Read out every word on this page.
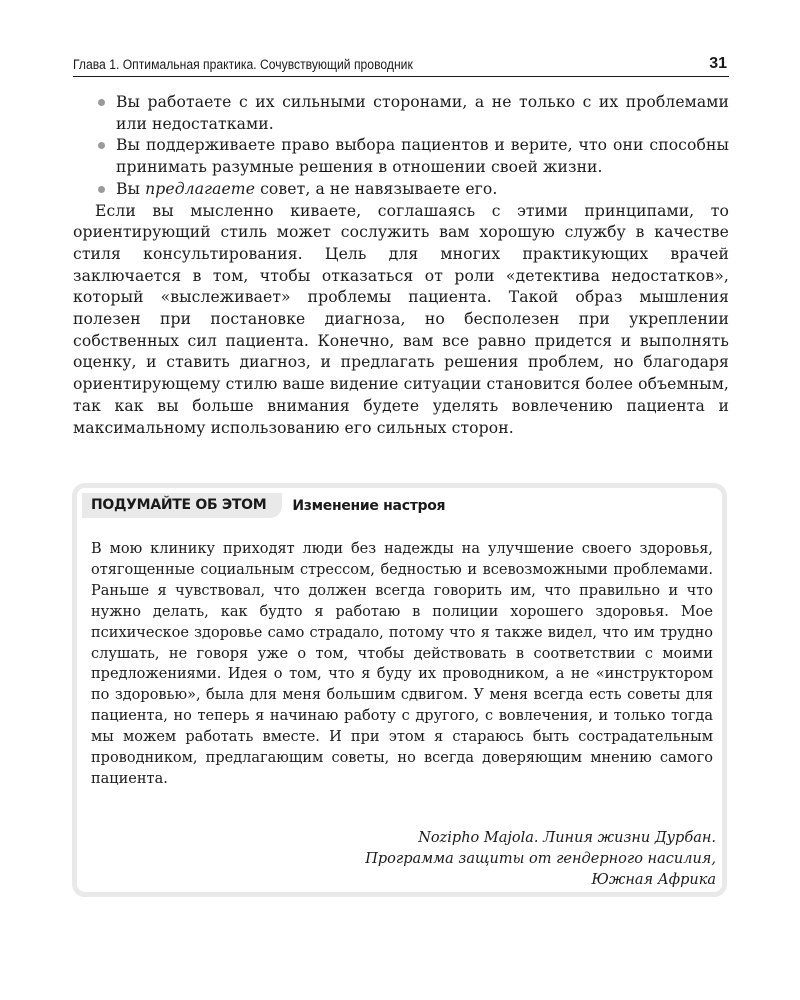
Глава 1. Оптимальная практика. Сочувствующий проводник	31
Вы работаете с их сильными сторонами, а не только с их проблемами или недостатками.
Вы поддерживаете право выбора пациентов и верите, что они способны принимать разумные решения в отношении своей жизни.
Вы предлагаете совет, а не навязываете его.

Если вы мысленно киваете, соглашаясь с этими принципами, то ориентирующий стиль может сослужить вам хорошую службу в качестве стиля консультирования. Цель для многих практикующих врачей заключается в том, чтобы отказаться от роли «детектива недостатков», который «выслеживает» проблемы пациента. Такой образ мышления полезен при постановке диагноза, но бесполезен при укреплении собственных сил пациента. Конечно, вам все равно придется и выполнять оценку, и ставить диагноз, и предлагать решения проблем, но благодаря ориентирующему стилю ваше видение ситуации становится более объемным, так как вы больше внимания будете уделять вовлечению пациента и максимальному использованию его сильных сторон.

ПОДУМАЙТЕ ОБ ЭТОМ	Изменение настроя

В мою клинику приходят люди без надежды на улучшение своего здоровья, отягощенные социальным стрессом, бедностью и всевозможными проблемами. Раньше я чувствовал, что должен всегда говорить им, что правильно и что нужно делать, как будто я работаю в полиции хорошего здоровья. Мое психическое здоровье само страдало, потому что я также видел, что им трудно слушать, не говоря уже о том, чтобы действовать в соответствии с моими предложениями. Идея о том, что я буду их проводником, а не «инструктором по здоровью», была для меня большим сдвигом. У меня всегда есть советы для пациента, но теперь я начинаю работу с другого, с вовлечения, и только тогда мы можем работать вместе. И при этом я стараюсь быть сострадательным проводником, предлагающим советы, но всегда доверяющим мнению самого пациента.

Nozipho Majola. Линия жизни Дурбан.
Программа защиты от гендерного насилия,
Южная Африка
